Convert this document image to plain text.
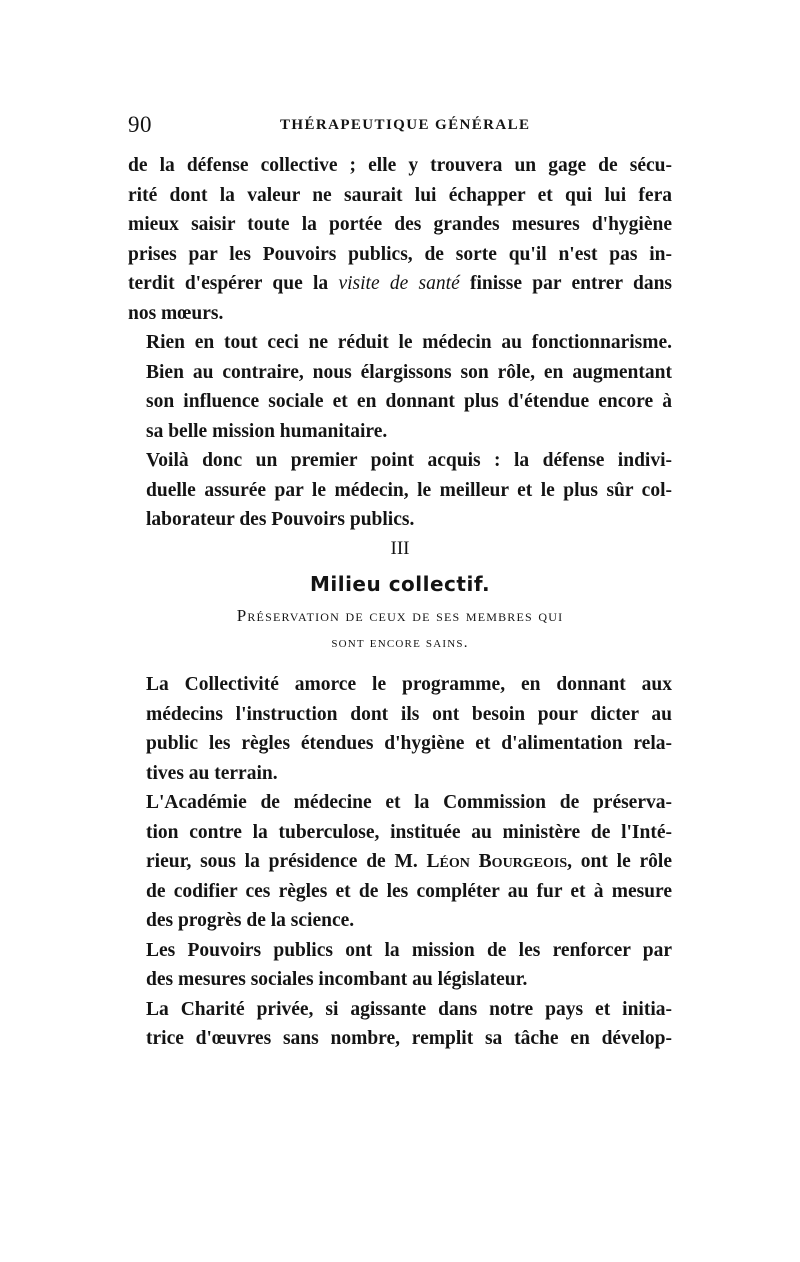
90	THÉRAPEUTIQUE GÉNÉRALE

de la défense collective ; elle y trouvera un gage de sécu-
rité dont la valeur ne saurait lui échapper et qui lui fera
mieux saisir toute la portée des grandes mesures d'hygiène
prises par les Pouvoirs publics, de sorte qu'il n'est pas in-
terdit d'espérer que la visite de santé finisse par entrer dans
nos mœurs.

Rien en tout ceci ne réduit le médecin au fonctionnarisme.
Bien au contraire, nous élargissons son rôle, en augmentant
son influence sociale et en donnant plus d'étendue encore à
sa belle mission humanitaire.

Voilà donc un premier point acquis : la défense indivi-
duelle assurée par le médecin, le meilleur et le plus sûr col-
laborateur des Pouvoirs publics.

III
Milieu collectif.
Préservation de ceux de ses membres qui
sont encore sains.

La Collectivité amorce le programme, en donnant aux
médecins l'instruction dont ils ont besoin pour dicter au
public les règles étendues d'hygiène et d'alimentation rela-
tives au terrain.

L'Académie de médecine et la Commission de préserva-
tion contre la tuberculose, instituée au ministère de l'Inté-
rieur, sous la présidence de M. Léon Bourgeois, ont le rôle
de codifier ces règles et de les compléter au fur et à mesure
des progrès de la science.

Les Pouvoirs publics ont la mission de les renforcer par
des mesures sociales incombant au législateur.

La Charité privée, si agissante dans notre pays et initia-
trice d'œuvres sans nombre, remplit sa tâche en dévelop-
